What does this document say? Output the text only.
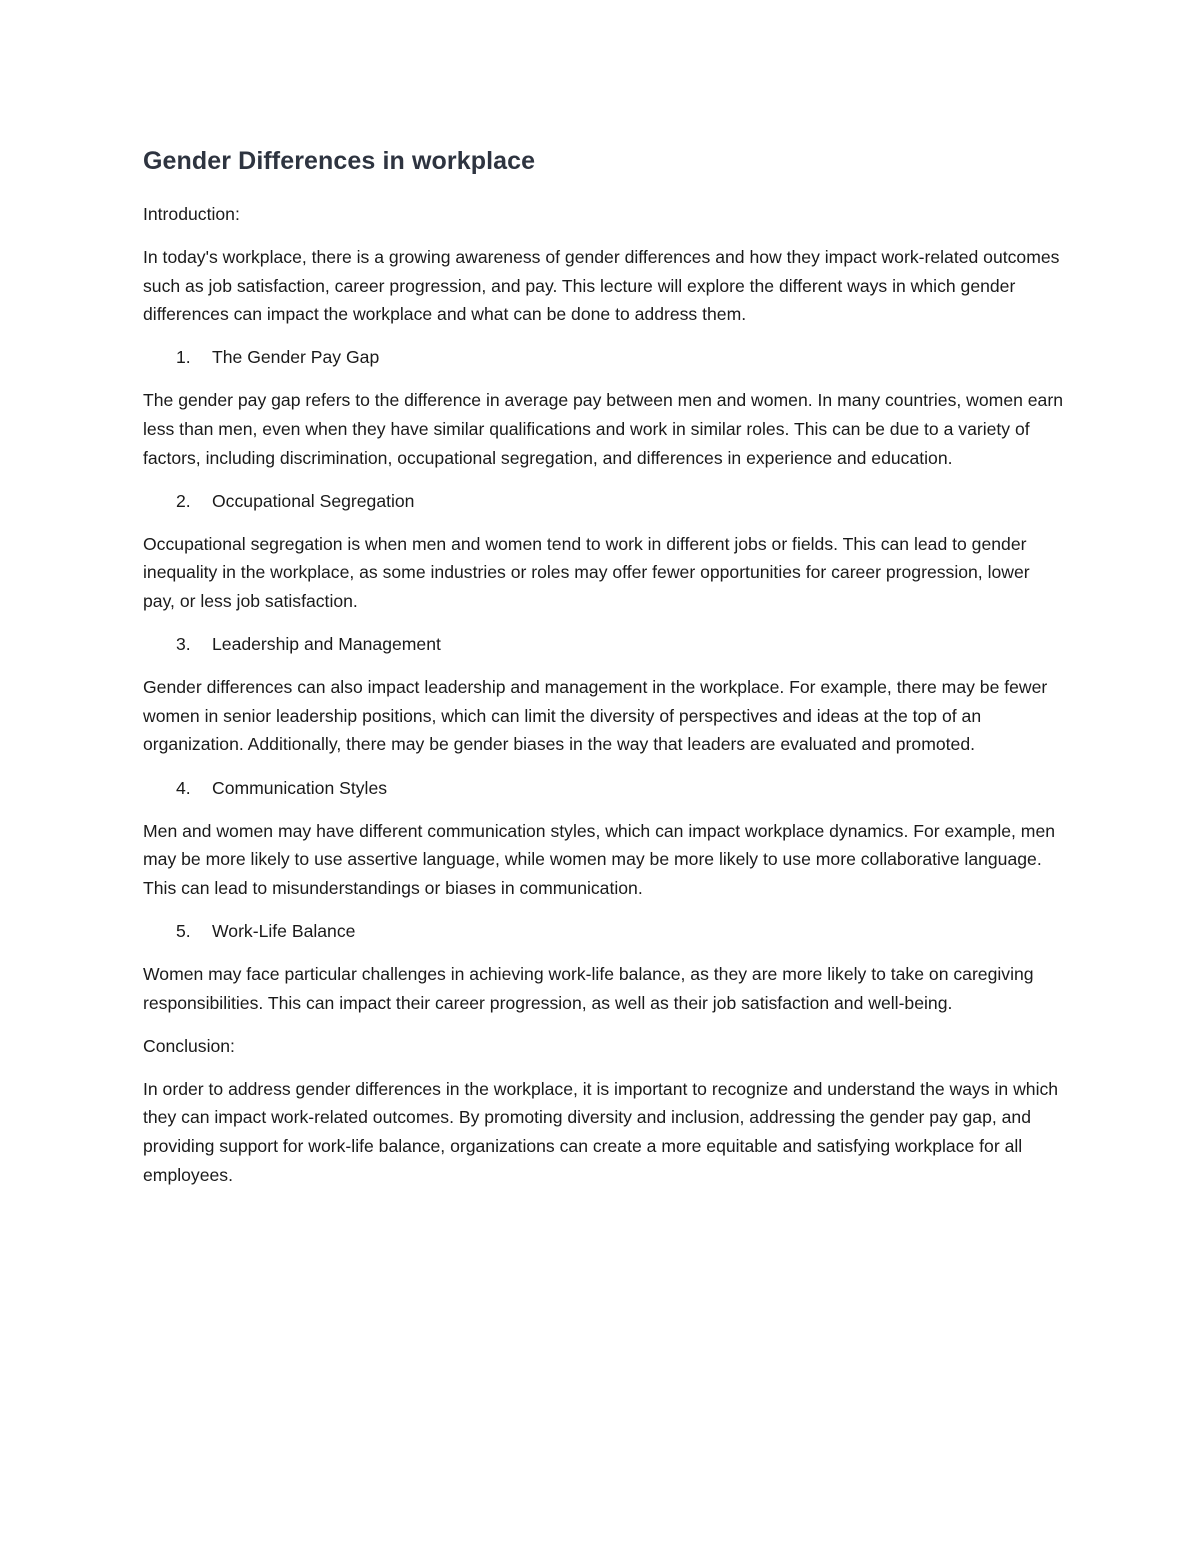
Gender Differences in workplace

Introduction:

In today's workplace, there is a growing awareness of gender differences and how they impact work-related outcomes such as job satisfaction, career progression, and pay. This lecture will explore the different ways in which gender differences can impact the workplace and what can be done to address them.

1.	The Gender Pay Gap

The gender pay gap refers to the difference in average pay between men and women. In many countries, women earn less than men, even when they have similar qualifications and work in similar roles. This can be due to a variety of factors, including discrimination, occupational segregation, and differences in experience and education.

2.	Occupational Segregation

Occupational segregation is when men and women tend to work in different jobs or fields. This can lead to gender inequality in the workplace, as some industries or roles may offer fewer opportunities for career progression, lower pay, or less job satisfaction.

3.	Leadership and Management

Gender differences can also impact leadership and management in the workplace. For example, there may be fewer women in senior leadership positions, which can limit the diversity of perspectives and ideas at the top of an organization. Additionally, there may be gender biases in the way that leaders are evaluated and promoted.

4.	Communication Styles

Men and women may have different communication styles, which can impact workplace dynamics. For example, men may be more likely to use assertive language, while women may be more likely to use more collaborative language. This can lead to misunderstandings or biases in communication.

5.	Work-Life Balance

Women may face particular challenges in achieving work-life balance, as they are more likely to take on caregiving responsibilities. This can impact their career progression, as well as their job satisfaction and well-being.

Conclusion:

In order to address gender differences in the workplace, it is important to recognize and understand the ways in which they can impact work-related outcomes. By promoting diversity and inclusion, addressing the gender pay gap, and providing support for work-life balance, organizations can create a more equitable and satisfying workplace for all employees.
